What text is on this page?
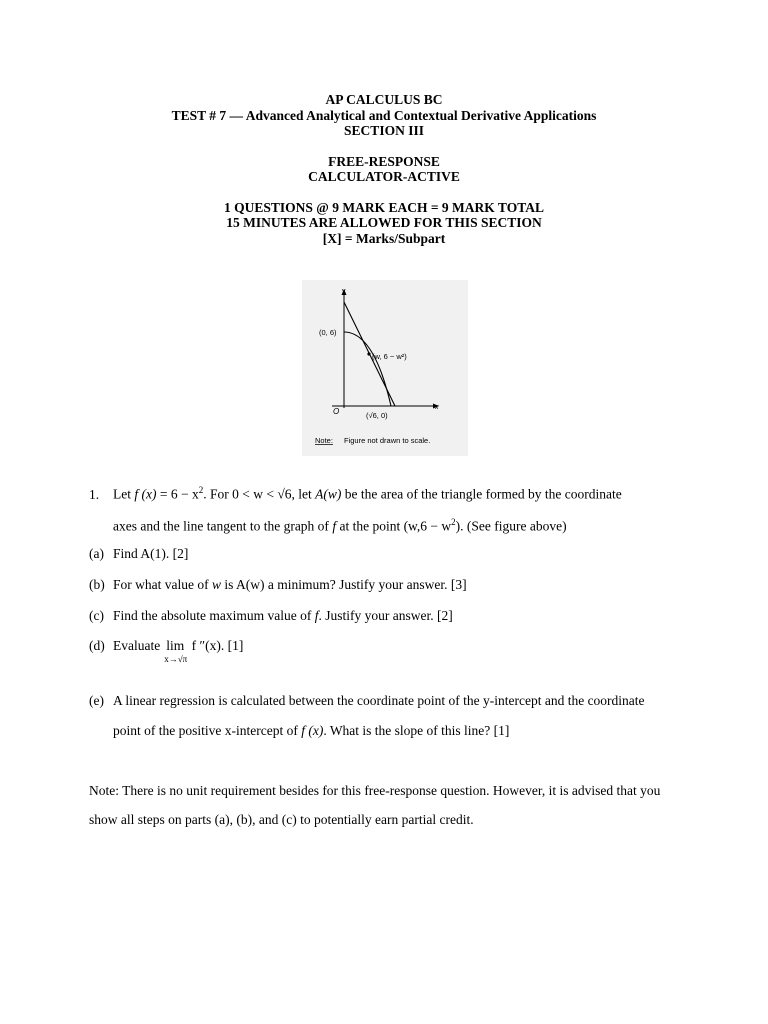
AP CALCULUS BC
TEST # 7 — Advanced Analytical and Contextual Derivative Applications
SECTION III
FREE-RESPONSE
CALCULATOR-ACTIVE
1 QUESTIONS @ 9 MARK EACH = 9 MARK TOTAL
15 MINUTES ARE ALLOWED FOR THIS SECTION
[X] = Marks/Subpart
y
x
O
(0, 6)
(w, 6 − w²)
(√6, 0)
Note: Figure not drawn to scale.
1. Let f $(x) = 6 - x^2$. For 0 < w < √6, let A(w) be the area of the triangle formed by the coordinate
axes and the line tangent to the graph of f at the point $(w,6 - w^2)$. (See figure above)
(a) Find A(1). [2]
(b) For what value of w is A(w) a minimum? Justify your answer. [3]
(c) Find the absolute maximum value of f. Justify your answer. [2]
(d) Evaluate lim
x→√π
f ″(x). [1]
(e) A linear regression is calculated between the coordinate point of the y-intercept and the coordinate
point of the positive x-intercept of f (x). What is the slope of this line? [1]
Note: There is no unit requirement besides for this free-response question. However, it is advised that you
show all steps on parts (a), (b), and (c) to potentially earn partial credit.
